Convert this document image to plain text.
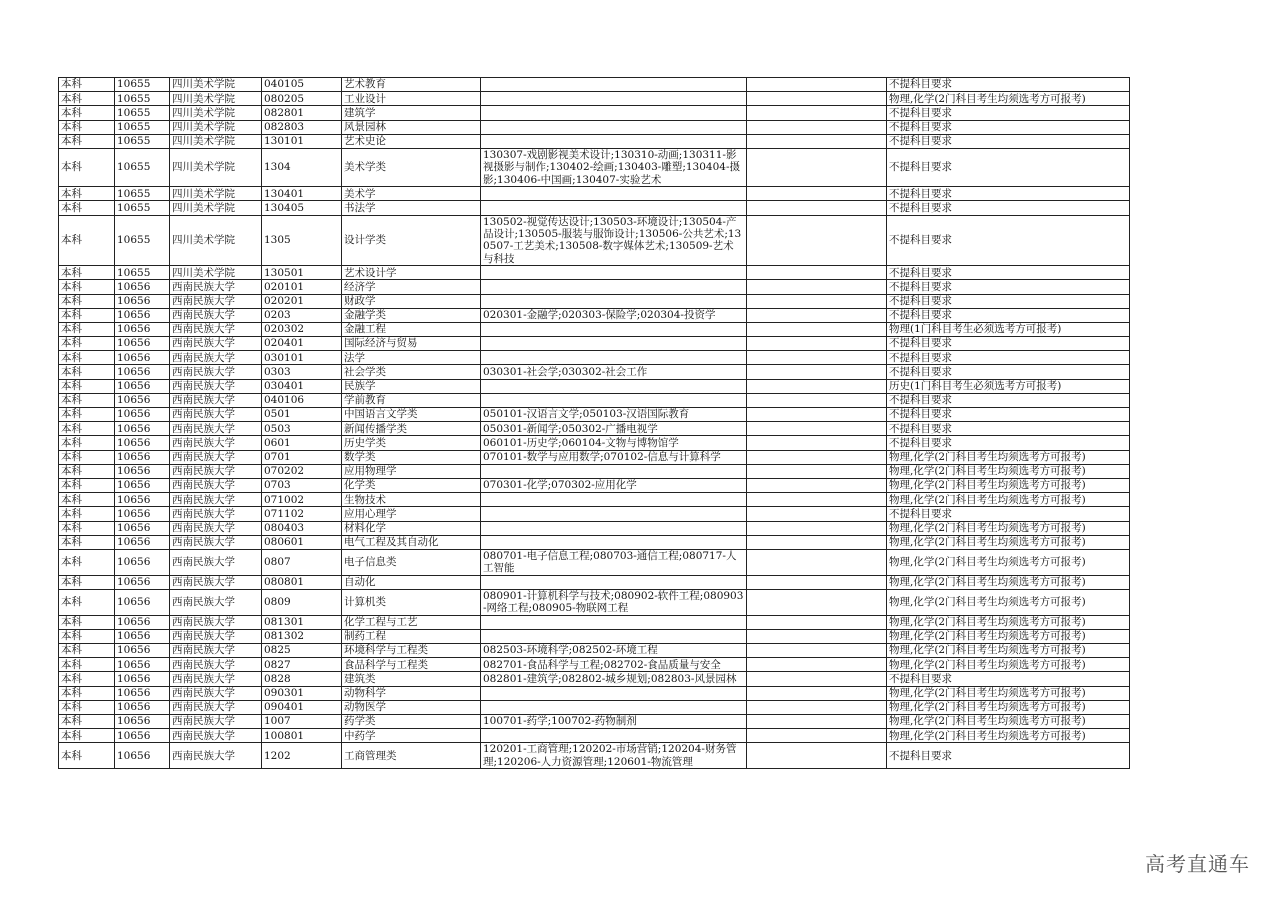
本科	10655	四川美术学院	040105	艺术教育			不提科目要求
本科	10655	四川美术学院	080205	工业设计			物理,化学(2门科目考生均须选考方可报考)
本科	10655	四川美术学院	082801	建筑学			不提科目要求
本科	10655	四川美术学院	082803	风景园林			不提科目要求
本科	10655	四川美术学院	130101	艺术史论			不提科目要求
本科	10655	四川美术学院	1304	美术学类	130307-戏剧影视美术设计;130310-动画;130311-影视摄影与制作;130402-绘画;130403-雕塑;130404-摄影;130406-中国画;130407-实验艺术		不提科目要求
本科	10655	四川美术学院	130401	美术学			不提科目要求
本科	10655	四川美术学院	130405	书法学			不提科目要求
本科	10655	四川美术学院	1305	设计学类	130502-视觉传达设计;130503-环境设计;130504-产品设计;130505-服装与服饰设计;130506-公共艺术;130507-工艺美术;130508-数字媒体艺术;130509-艺术与科技		不提科目要求
本科	10655	四川美术学院	130501	艺术设计学			不提科目要求
本科	10656	西南民族大学	020101	经济学			不提科目要求
本科	10656	西南民族大学	020201	财政学			不提科目要求
本科	10656	西南民族大学	0203	金融学类	020301-金融学;020303-保险学;020304-投资学		不提科目要求
本科	10656	西南民族大学	020302	金融工程			物理(1门科目考生必须选考方可报考)
本科	10656	西南民族大学	020401	国际经济与贸易			不提科目要求
本科	10656	西南民族大学	030101	法学			不提科目要求
本科	10656	西南民族大学	0303	社会学类	030301-社会学;030302-社会工作		不提科目要求
本科	10656	西南民族大学	030401	民族学			历史(1门科目考生必须选考方可报考)
本科	10656	西南民族大学	040106	学前教育			不提科目要求
本科	10656	西南民族大学	0501	中国语言文学类	050101-汉语言文学;050103-汉语国际教育		不提科目要求
本科	10656	西南民族大学	0503	新闻传播学类	050301-新闻学;050302-广播电视学		不提科目要求
本科	10656	西南民族大学	0601	历史学类	060101-历史学;060104-文物与博物馆学		不提科目要求
本科	10656	西南民族大学	0701	数学类	070101-数学与应用数学;070102-信息与计算科学		物理,化学(2门科目考生均须选考方可报考)
本科	10656	西南民族大学	070202	应用物理学			物理,化学(2门科目考生均须选考方可报考)
本科	10656	西南民族大学	0703	化学类	070301-化学;070302-应用化学		物理,化学(2门科目考生均须选考方可报考)
本科	10656	西南民族大学	071002	生物技术			物理,化学(2门科目考生均须选考方可报考)
本科	10656	西南民族大学	071102	应用心理学			不提科目要求
本科	10656	西南民族大学	080403	材料化学			物理,化学(2门科目考生均须选考方可报考)
本科	10656	西南民族大学	080601	电气工程及其自动化			物理,化学(2门科目考生均须选考方可报考)
本科	10656	西南民族大学	0807	电子信息类	080701-电子信息工程;080703-通信工程;080717-人工智能		物理,化学(2门科目考生均须选考方可报考)
本科	10656	西南民族大学	080801	自动化			物理,化学(2门科目考生均须选考方可报考)
本科	10656	西南民族大学	0809	计算机类	080901-计算机科学与技术;080902-软件工程;080903-网络工程;080905-物联网工程		物理,化学(2门科目考生均须选考方可报考)
本科	10656	西南民族大学	081301	化学工程与工艺			物理,化学(2门科目考生均须选考方可报考)
本科	10656	西南民族大学	081302	制药工程			物理,化学(2门科目考生均须选考方可报考)
本科	10656	西南民族大学	0825	环境科学与工程类	082503-环境科学;082502-环境工程		物理,化学(2门科目考生均须选考方可报考)
本科	10656	西南民族大学	0827	食品科学与工程类	082701-食品科学与工程;082702-食品质量与安全		物理,化学(2门科目考生均须选考方可报考)
本科	10656	西南民族大学	0828	建筑类	082801-建筑学;082802-城乡规划;082803-风景园林		不提科目要求
本科	10656	西南民族大学	090301	动物科学			物理,化学(2门科目考生均须选考方可报考)
本科	10656	西南民族大学	090401	动物医学			物理,化学(2门科目考生均须选考方可报考)
本科	10656	西南民族大学	1007	药学类	100701-药学;100702-药物制剂		物理,化学(2门科目考生均须选考方可报考)
本科	10656	西南民族大学	100801	中药学			物理,化学(2门科目考生均须选考方可报考)
本科	10656	西南民族大学	1202	工商管理类	120201-工商管理;120202-市场营销;120204-财务管理;120206-人力资源管理;120601-物流管理		不提科目要求
高考直通车
